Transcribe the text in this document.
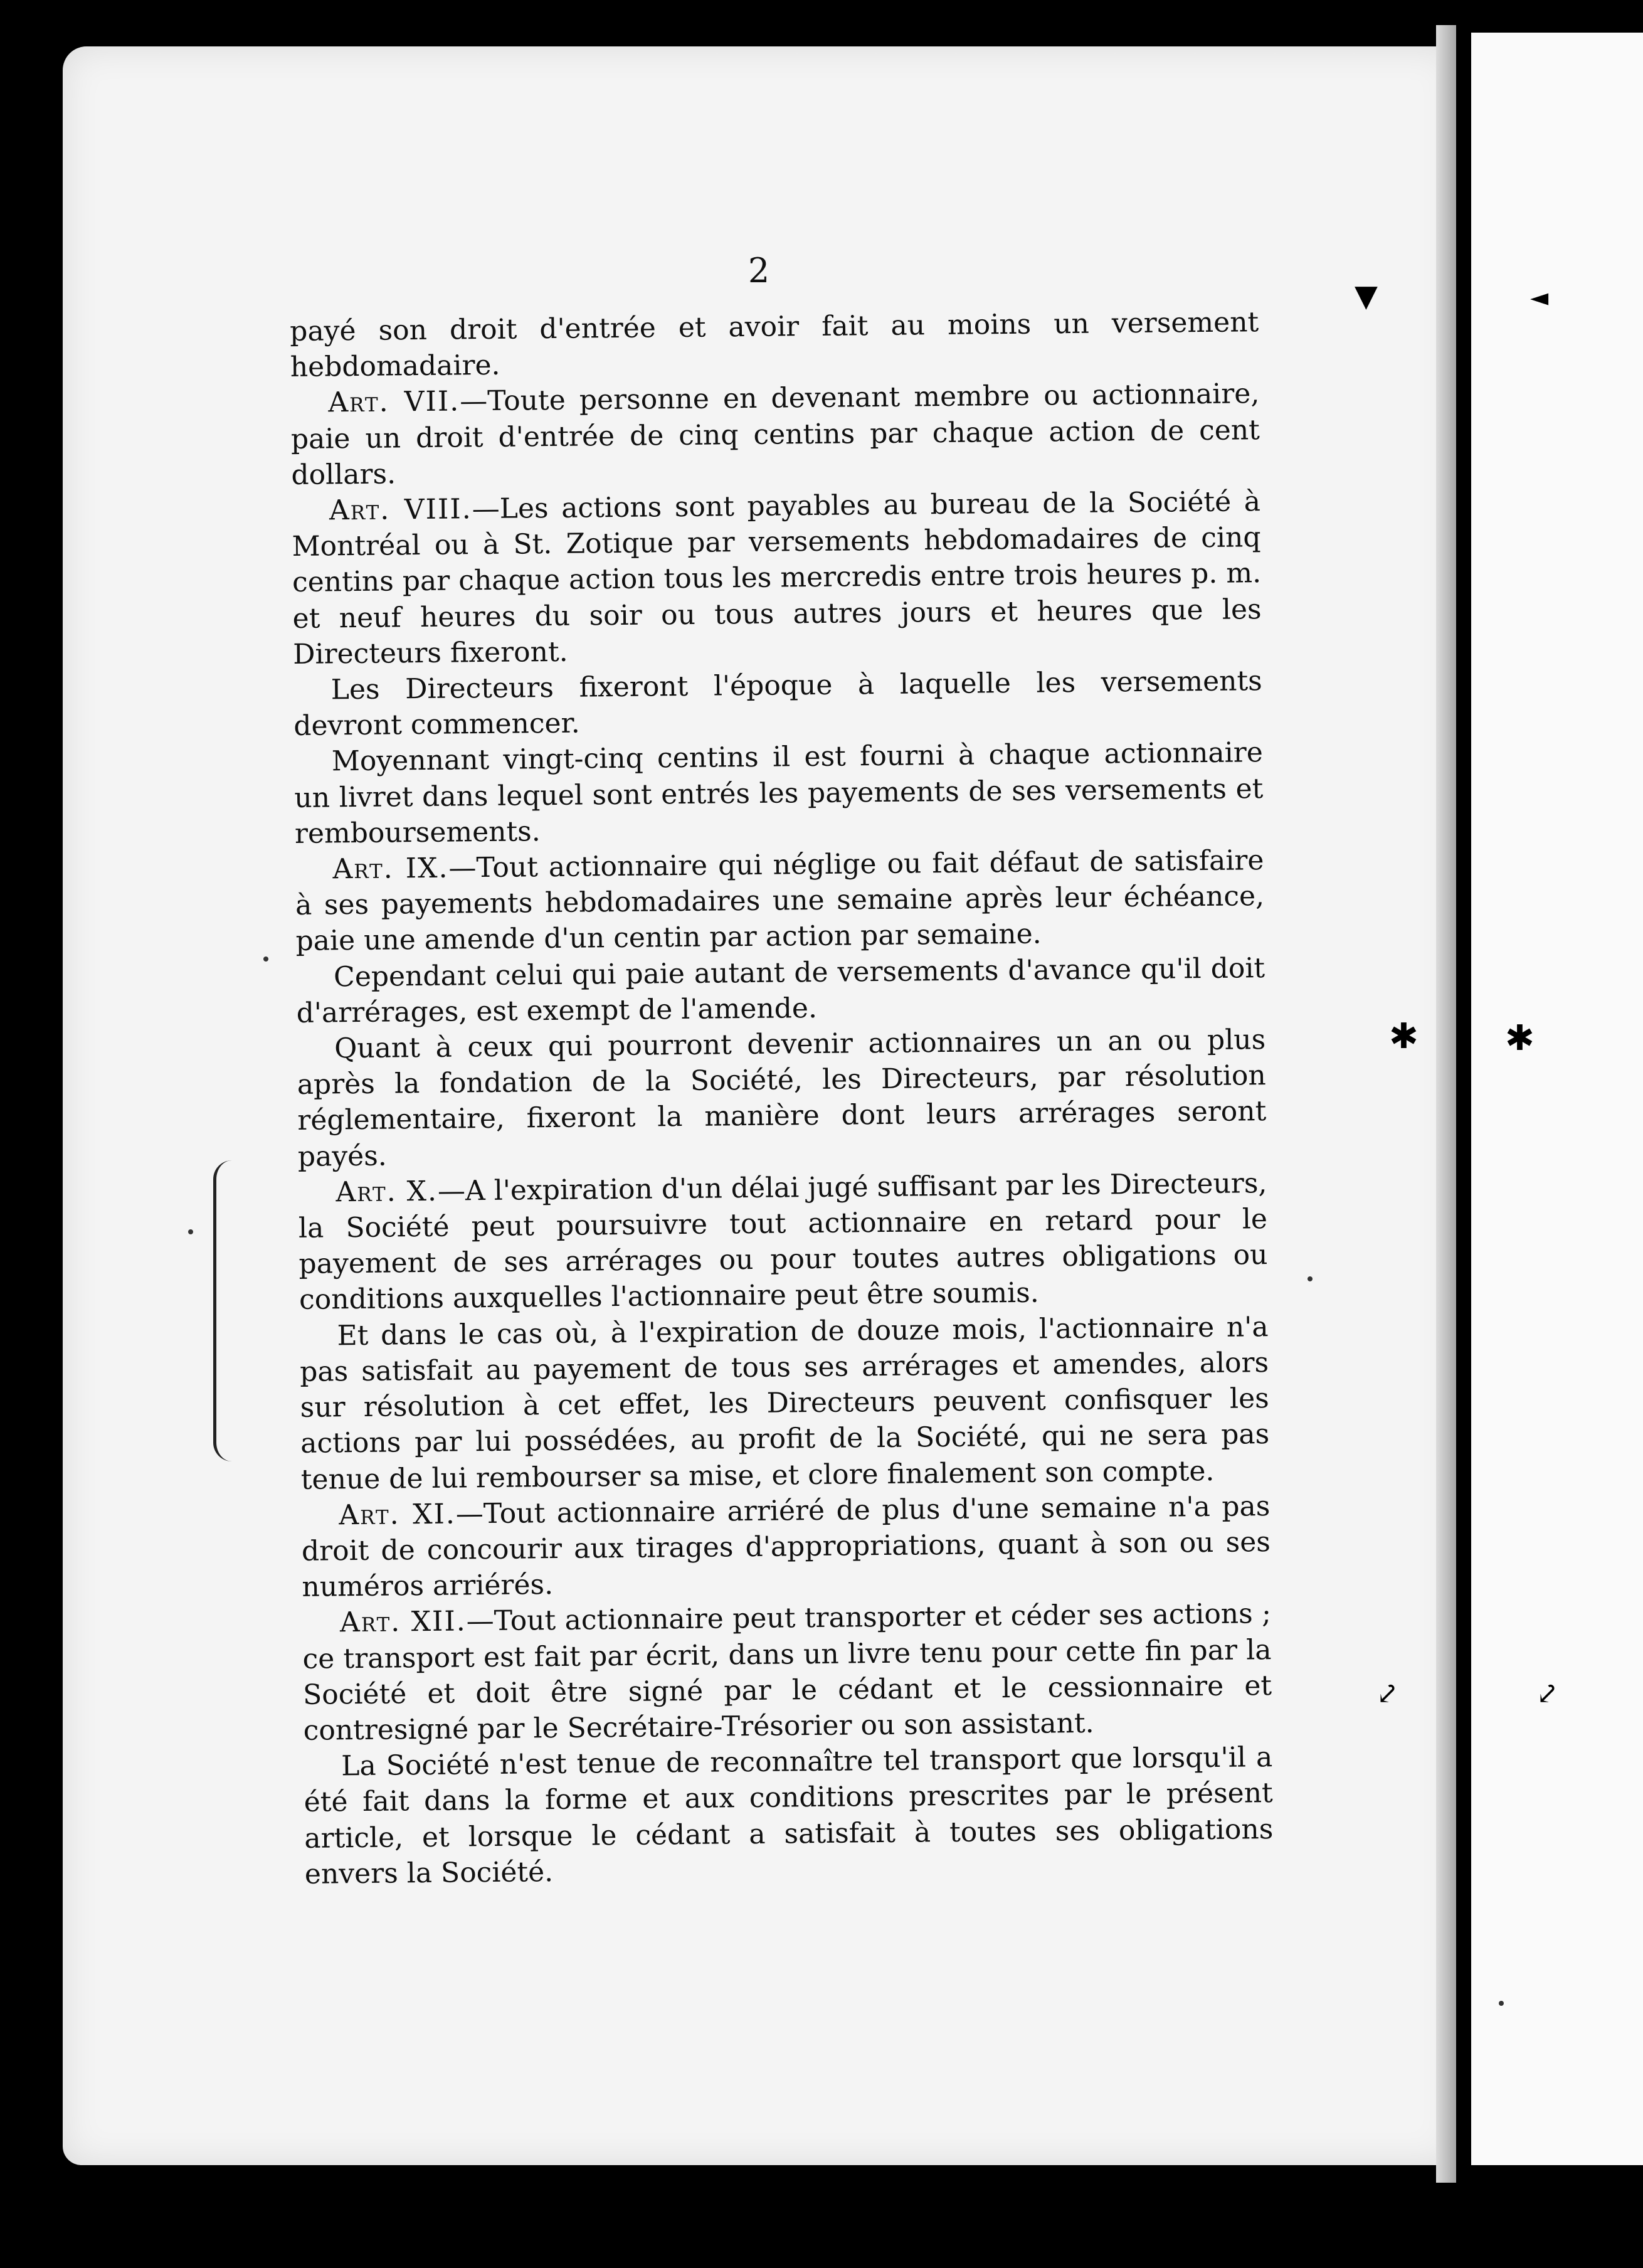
2

payé son droit d'entrée et avoir fait au moins un versement hebdomadaire.

Art. VII.—Toute personne en devenant membre ou actionnaire, paie un droit d'entrée de cinq centins par chaque action de cent dollars.

Art. VIII.—Les actions sont payables au bureau de la Société à Montréal ou à St. Zotique par versements hebdomadaires de cinq centins par chaque action tous les mercredis entre trois heures p. m. et neuf heures du soir ou tous autres jours et heures que les Directeurs fixeront.

Les Directeurs fixeront l'époque à laquelle les versements devront commencer.

Moyennant vingt-cinq centins il est fourni à chaque actionnaire un livret dans lequel sont entrés les payements de ses versements et remboursements.

Art. IX.—Tout actionnaire qui néglige ou fait défaut de satisfaire à ses payements hebdomadaires une semaine après leur échéance, paie une amende d'un centin par action par semaine.

Cependant celui qui paie autant de versements d'avance qu'il doit d'arrérages, est exempt de l'amende.

Quant à ceux qui pourront devenir actionnaires un an ou plus après la fondation de la Société, les Directeurs, par résolution réglementaire, fixeront la manière dont leurs arrérages seront payés.

Art. X.—A l'expiration d'un délai jugé suffisant par les Directeurs, la Société peut poursuivre tout actionnaire en retard pour le payement de ses arrérages ou pour toutes autres obligations ou conditions auxquelles l'actionnaire peut être soumis.

Et dans le cas où, à l'expiration de douze mois, l'actionnaire n'a pas satisfait au payement de tous ses arrérages et amendes, alors sur résolution à cet effet, les Directeurs peuvent confisquer les actions par lui possédées, au profit de la Société, qui ne sera pas tenue de lui rembourser sa mise, et clore finalement son compte.

Art. XI.—Tout actionnaire arriéré de plus d'une semaine n'a pas droit de concourir aux tirages d'appropriations, quant à son ou ses numéros arriérés.

Art. XII.—Tout actionnaire peut transporter et céder ses actions ; ce transport est fait par écrit, dans un livre tenu pour cette fin par la Société et doit être signé par le cédant et le cessionnaire et contresigné par le Secrétaire-Trésorier ou son assistant.

La Société n'est tenue de reconnaître tel transport que lorsqu'il a été fait dans la forme et aux conditions prescrites par le présent article, et lorsque le cédant a satisfait à toutes ses obligations envers la Société.

▼	◄
✱ ✱
⤦	⤦
